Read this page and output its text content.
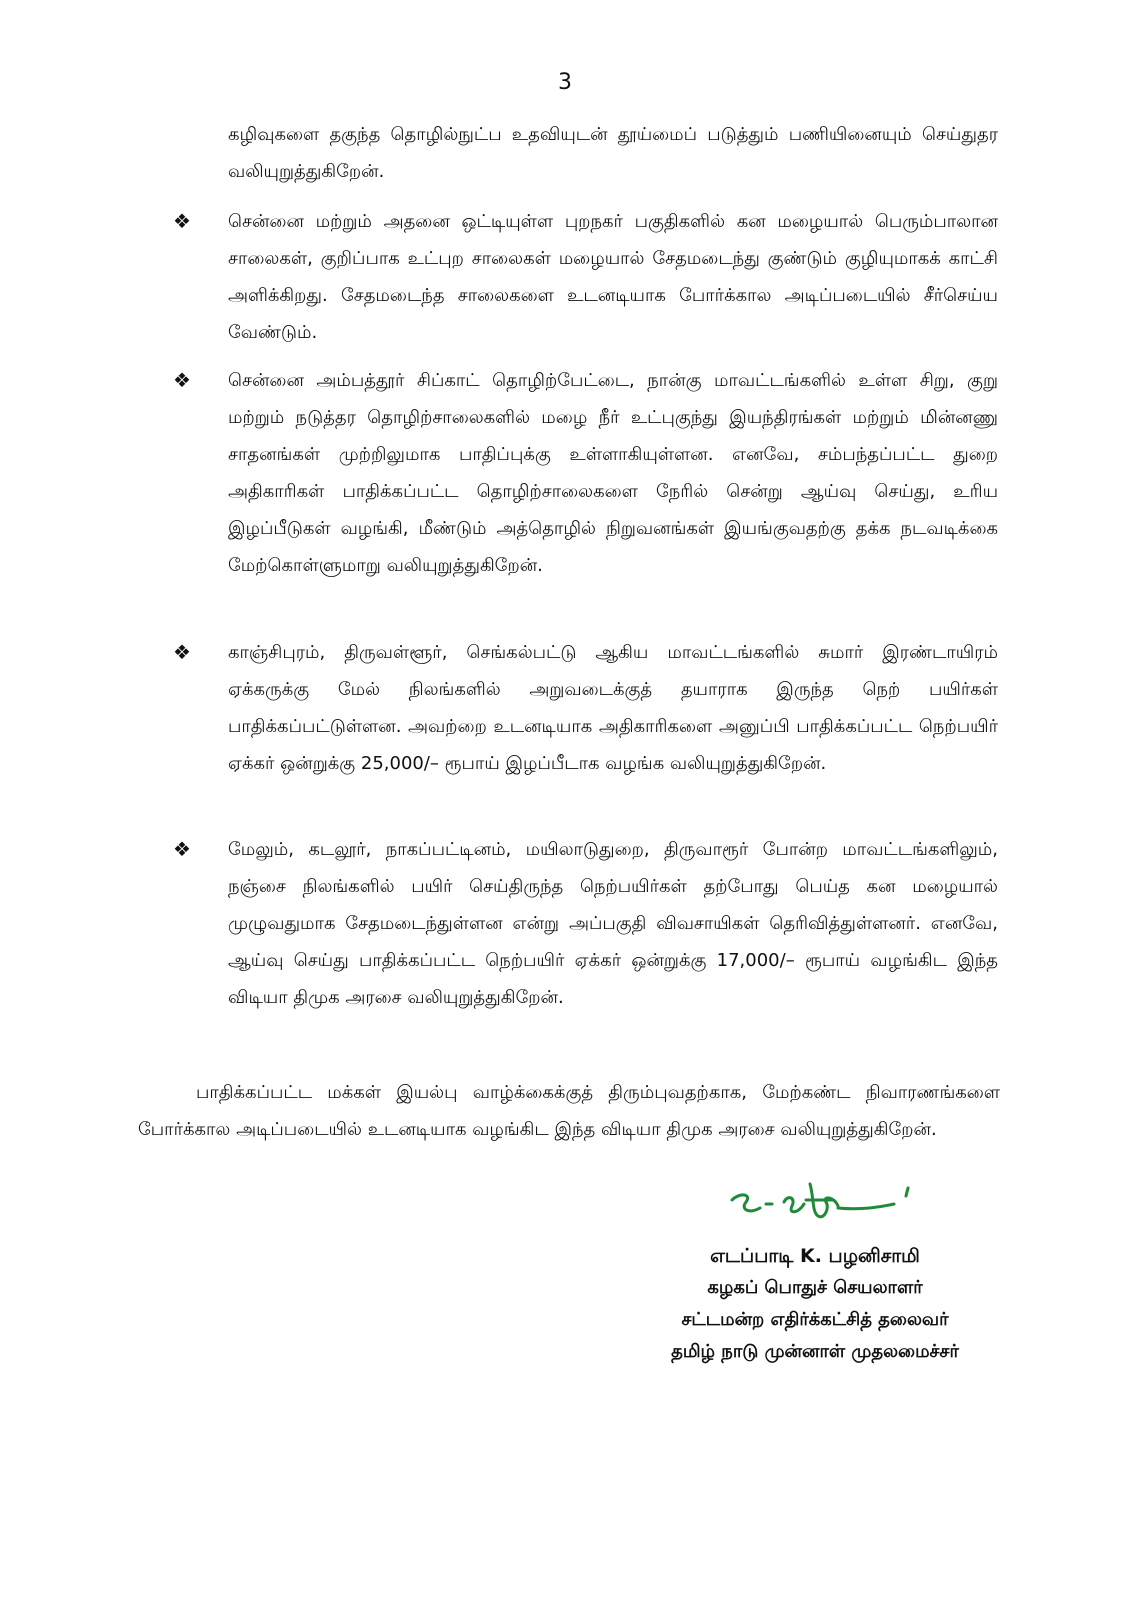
3
கழிவுகளை தகுந்த தொழில்நுட்ப உதவியுடன் தூய்மைப் படுத்தும் பணியினையும் செய்துதர வலியுறுத்துகிறேன்.
❖ சென்னை மற்றும் அதனை ஒட்டியுள்ள புறநகர் பகுதிகளில் கன மழையால் பெரும்பாலான சாலைகள், குறிப்பாக உட்புற சாலைகள் மழையால் சேதமடைந்து குண்டும் குழியுமாகக் காட்சி அளிக்கிறது. சேதமடைந்த சாலைகளை உடனடியாக போர்க்கால அடிப்படையில் சீர்செய்ய வேண்டும்.
❖ சென்னை அம்பத்தூர் சிப்காட் தொழிற்பேட்டை, நான்கு மாவட்டங்களில் உள்ள சிறு, குறு மற்றும் நடுத்தர தொழிற்சாலைகளில் மழை நீர் உட்புகுந்து இயந்திரங்கள் மற்றும் மின்னணு சாதனங்கள் முற்றிலுமாக பாதிப்புக்கு உள்ளாகியுள்ளன. எனவே, சம்பந்தப்பட்ட துறை அதிகாரிகள் பாதிக்கப்பட்ட தொழிற்சாலைகளை நேரில் சென்று ஆய்வு செய்து, உரிய இழப்பீடுகள் வழங்கி, மீண்டும் அத்தொழில் நிறுவனங்கள் இயங்குவதற்கு தக்க நடவடிக்கை மேற்கொள்ளுமாறு வலியுறுத்துகிறேன்.
❖ காஞ்சிபுரம், திருவள்ளூர், செங்கல்பட்டு ஆகிய மாவட்டங்களில் சுமார் இரண்டாயிரம் ஏக்கருக்கு மேல் நிலங்களில் அறுவடைக்குத் தயாராக இருந்த நெற் பயிர்கள் பாதிக்கப்பட்டுள்ளன. அவற்றை உடனடியாக அதிகாரிகளை அனுப்பி பாதிக்கப்பட்ட நெற்பயிர் ஏக்கர் ஒன்றுக்கு 25,000/– ரூபாய் இழப்பீடாக வழங்க வலியுறுத்துகிறேன்.
❖ மேலும், கடலூர், நாகப்பட்டினம், மயிலாடுதுறை, திருவாரூர் போன்ற மாவட்டங்களிலும், நஞ்சை நிலங்களில் பயிர் செய்திருந்த நெற்பயிர்கள் தற்போது பெய்த கன மழையால் முழுவதுமாக சேதமடைந்துள்ளன என்று அப்பகுதி விவசாயிகள் தெரிவித்துள்ளனர். எனவே, ஆய்வு செய்து பாதிக்கப்பட்ட நெற்பயிர் ஏக்கர் ஒன்றுக்கு 17,000/– ரூபாய் வழங்கிட இந்த விடியா திமுக அரசை வலியுறுத்துகிறேன்.
பாதிக்கப்பட்ட மக்கள் இயல்பு வாழ்க்கைக்குத் திரும்புவதற்காக, மேற்கண்ட நிவாரணங்களை போர்க்கால அடிப்படையில் உடனடியாக வழங்கிட இந்த விடியா திமுக அரசை வலியுறுத்துகிறேன்.
எடப்பாடி K. பழனிசாமி
கழகப் பொதுச் செயலாளர்
சட்டமன்ற எதிர்க்கட்சித் தலைவர்
தமிழ் நாடு முன்னாள் முதலமைச்சர்
